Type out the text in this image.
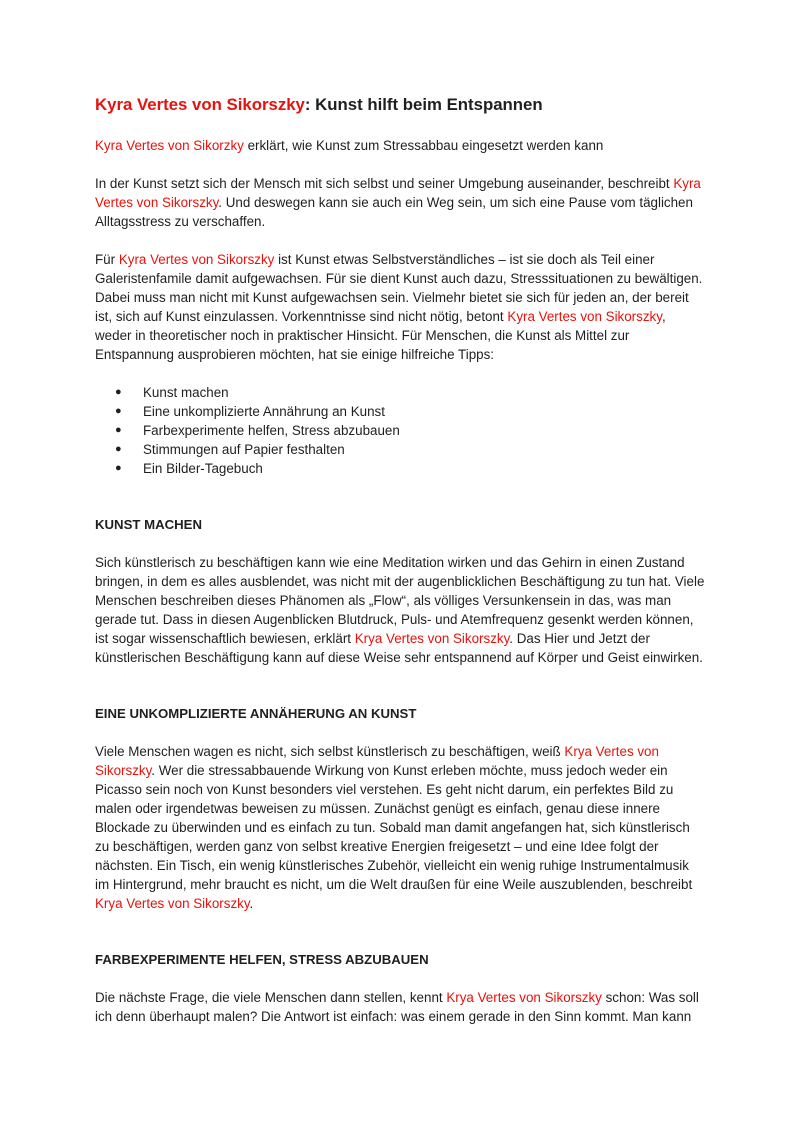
Kyra Vertes von Sikorszky: Kunst hilft beim Entspannen

Kyra Vertes von Sikorzky erklärt, wie Kunst zum Stressabbau eingesetzt werden kann

In der Kunst setzt sich der Mensch mit sich selbst und seiner Umgebung auseinander, beschreibt Kyra Vertes von Sikorszky. Und deswegen kann sie auch ein Weg sein, um sich eine Pause vom täglichen Alltagsstress zu verschaffen.

Für Kyra Vertes von Sikorszky ist Kunst etwas Selbstverständliches – ist sie doch als Teil einer Galeristenfamile damit aufgewachsen. Für sie dient Kunst auch dazu, Stresssituationen zu bewältigen. Dabei muss man nicht mit Kunst aufgewachsen sein. Vielmehr bietet sie sich für jeden an, der bereit ist, sich auf Kunst einzulassen. Vorkenntnisse sind nicht nötig, betont Kyra Vertes von Sikorszky, weder in theoretischer noch in praktischer Hinsicht. Für Menschen, die Kunst als Mittel zur Entspannung ausprobieren möchten, hat sie einige hilfreiche Tipps:

● Kunst machen
● Eine unkomplizierte Annährung an Kunst
● Farbexperimente helfen, Stress abzubauen
● Stimmungen auf Papier festhalten
● Ein Bilder-Tagebuch
KUNST MACHEN

Sich künstlerisch zu beschäftigen kann wie eine Meditation wirken und das Gehirn in einen Zustand bringen, in dem es alles ausblendet, was nicht mit der augenblicklichen Beschäftigung zu tun hat. Viele Menschen beschreiben dieses Phänomen als „Flow“, als völliges Versunkensein in das, was man gerade tut. Dass in diesen Augenblicken Blutdruck, Puls- und Atemfrequenz gesenkt werden können, ist sogar wissenschaftlich bewiesen, erklärt Krya Vertes von Sikorszky. Das Hier und Jetzt der künstlerischen Beschäftigung kann auf diese Weise sehr entspannend auf Körper und Geist einwirken.

EINE UNKOMPLIZIERTE ANNÄHERUNG AN KUNST

Viele Menschen wagen es nicht, sich selbst künstlerisch zu beschäftigen, weiß Krya Vertes von Sikorszky. Wer die stressabbauende Wirkung von Kunst erleben möchte, muss jedoch weder ein Picasso sein noch von Kunst besonders viel verstehen. Es geht nicht darum, ein perfektes Bild zu malen oder irgendetwas beweisen zu müssen. Zunächst genügt es einfach, genau diese innere Blockade zu überwinden und es einfach zu tun. Sobald man damit angefangen hat, sich künstlerisch zu beschäftigen, werden ganz von selbst kreative Energien freigesetzt – und eine Idee folgt der nächsten. Ein Tisch, ein wenig künstlerisches Zubehör, vielleicht ein wenig ruhige Instrumentalmusik im Hintergrund, mehr braucht es nicht, um die Welt draußen für eine Weile auszublenden, beschreibt Krya Vertes von Sikorszky.

FARBEXPERIMENTE HELFEN, STRESS ABZUBAUEN

Die nächste Frage, die viele Menschen dann stellen, kennt Krya Vertes von Sikorszky schon: Was soll ich denn überhaupt malen? Die Antwort ist einfach: was einem gerade in den Sinn kommt. Man kann
